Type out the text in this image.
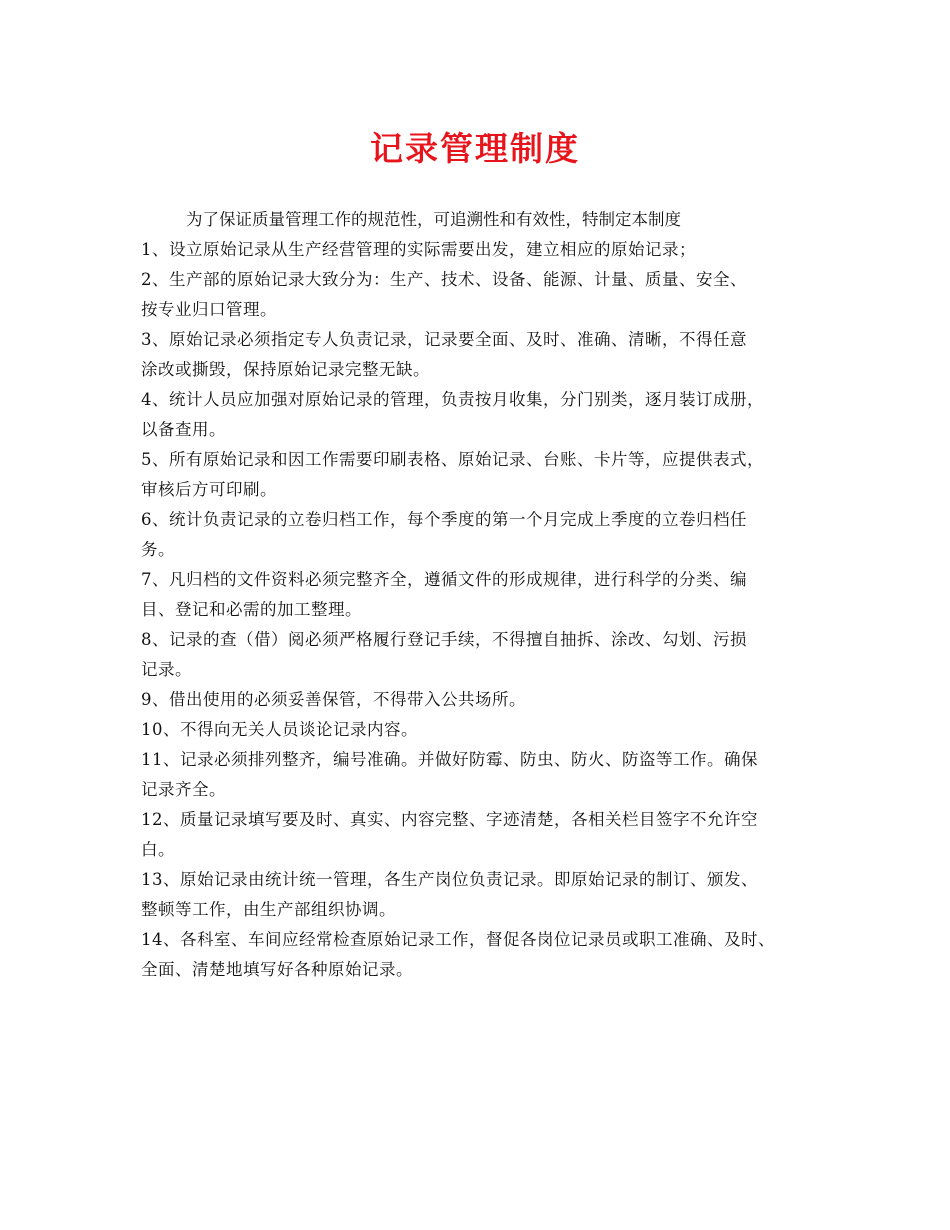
记录管理制度

为了保证质量管理工作的规范性，可追溯性和有效性，特制定本制度

1、设立原始记录从生产经营管理的实际需要出发，建立相应的原始记录；
2、生产部的原始记录大致分为：生产、技术、设备、能源、计量、质量、安全、
按专业归口管理。
3、原始记录必须指定专人负责记录，记录要全面、及时、准确、清晰，不得任意
涂改或撕毁，保持原始记录完整无缺。
4、统计人员应加强对原始记录的管理，负责按月收集，分门别类，逐月装订成册，
以备查用。
5、所有原始记录和因工作需要印刷表格、原始记录、台账、卡片等，应提供表式，
审核后方可印刷。
6、统计负责记录的立卷归档工作，每个季度的第一个月完成上季度的立卷归档任
务。
7、凡归档的文件资料必须完整齐全，遵循文件的形成规律，进行科学的分类、编
目、登记和必需的加工整理。
8、记录的查（借）阅必须严格履行登记手续，不得擅自抽拆、涂改、勾划、污损
记录。
9、借出使用的必须妥善保管，不得带入公共场所。
10、不得向无关人员谈论记录内容。
11、记录必须排列整齐，编号准确。并做好防霉、防虫、防火、防盗等工作。确保
记录齐全。
12、质量记录填写要及时、真实、内容完整、字迹清楚，各相关栏目签字不允许空
白。
13、原始记录由统计统一管理，各生产岗位负责记录。即原始记录的制订、颁发、
整顿等工作，由生产部组织协调。
14、各科室、车间应经常检查原始记录工作，督促各岗位记录员或职工准确、及时、
全面、清楚地填写好各种原始记录。
